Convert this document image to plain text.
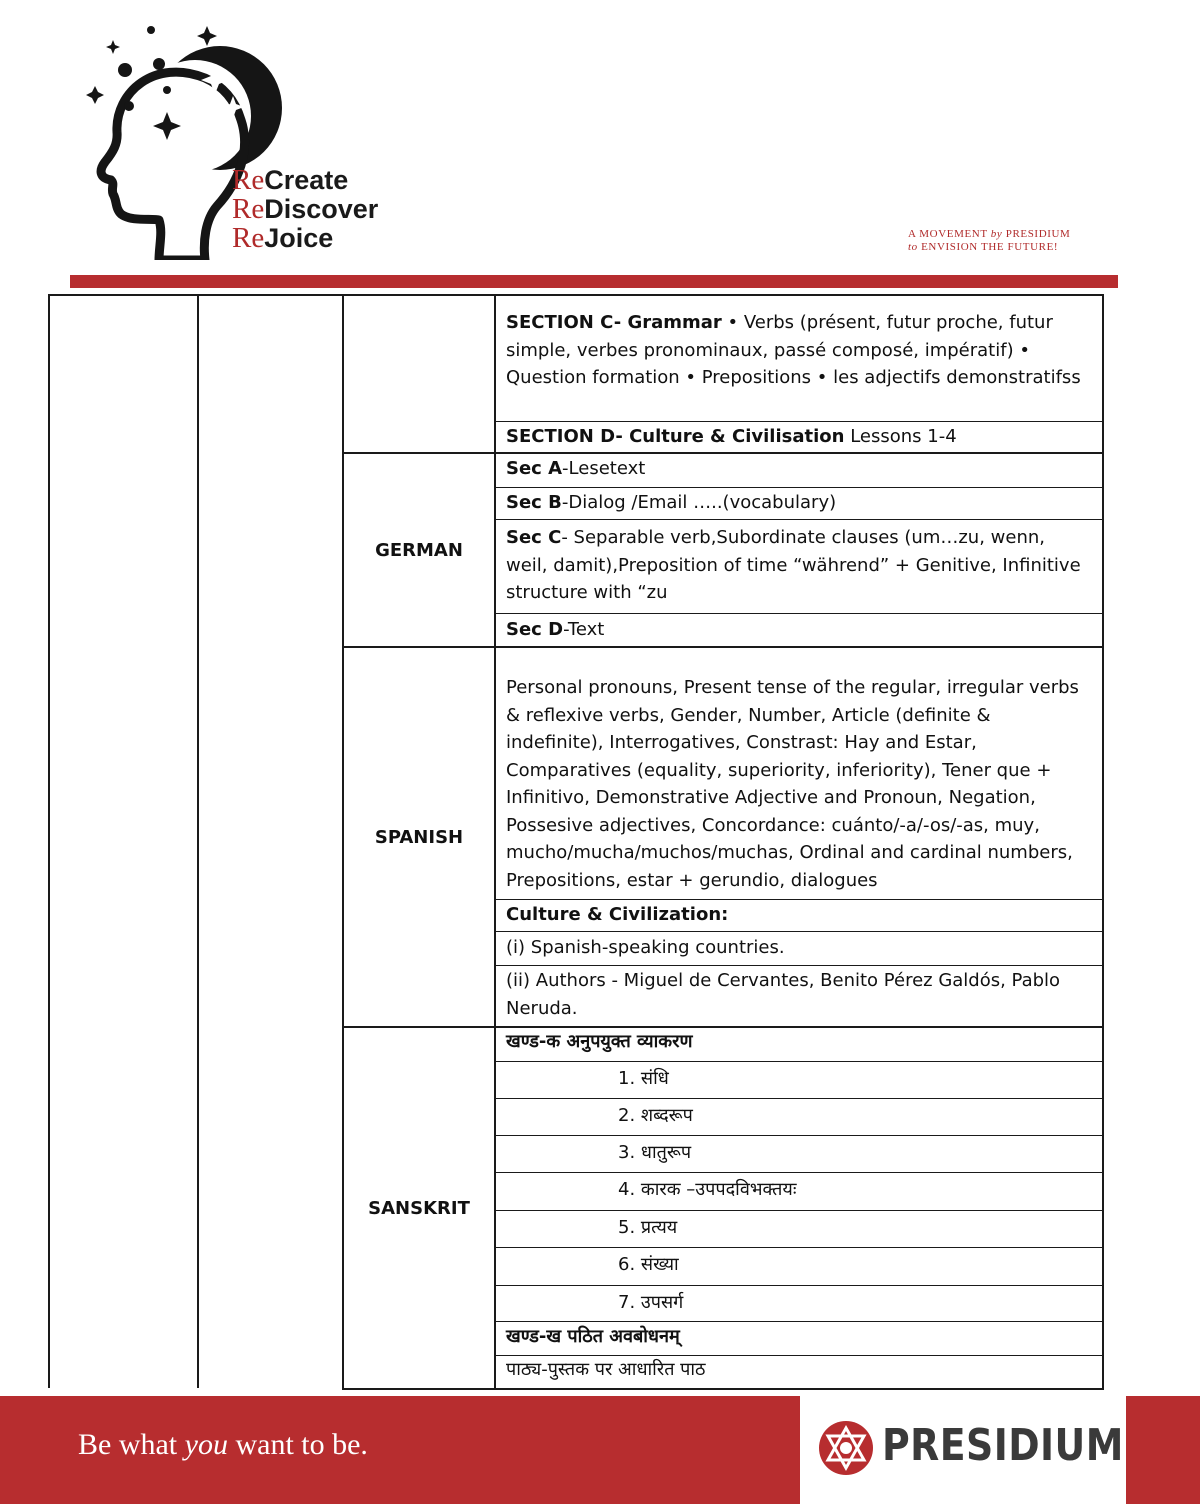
ReCreate
ReDiscover
ReJoice	A MOVEMENT by PRESIDIUM
to ENVISION THE FUTURE!
SECTION C- Grammar • Verbs (présent, futur proche, futur simple, verbes pronominaux, passé composé, impératif) • Question formation • Prepositions • les adjectifs demonstratifss
SECTION D- Culture & Civilisation Lessons 1-4
GERMAN
Sec A-Lesetext
Sec B-Dialog /Email …..(vocabulary)
Sec C- Separable verb,Subordinate clauses (um…zu, wenn, weil, damit),Preposition of time “während” + Genitive, Infinitive structure with “zu
Sec D-Text
SPANISH
Personal pronouns, Present tense of the regular, irregular verbs & reflexive verbs, Gender, Number, Article (definite & indefinite), Interrogatives, Constrast: Hay and Estar, Comparatives (equality, superiority, inferiority), Tener que + Infinitivo, Demonstrative Adjective and Pronoun, Negation, Possesive adjectives, Concordance: cuánto/-a/-os/-as, muy, mucho/mucha/muchos/muchas, Ordinal and cardinal numbers, Prepositions, estar + gerundio, dialogues
Culture & Civilization:
(i) Spanish-speaking countries.
(ii) Authors - Miguel de Cervantes, Benito Pérez Galdós, Pablo Neruda.
SANSKRIT
खण्ड-क अनुपयुक्त व्याकरण
1. संधि
2. शब्दरूप
3. धातुरूप
4. कारक –उपपदविभक्तयः
5. प्रत्यय
6. संख्या
7. उपसर्ग
खण्ड-ख पठित अवबोधनम्
पाठ्य-पुस्तक पर आधारित पाठ
Be what you want to be.	PRESIDIUM
